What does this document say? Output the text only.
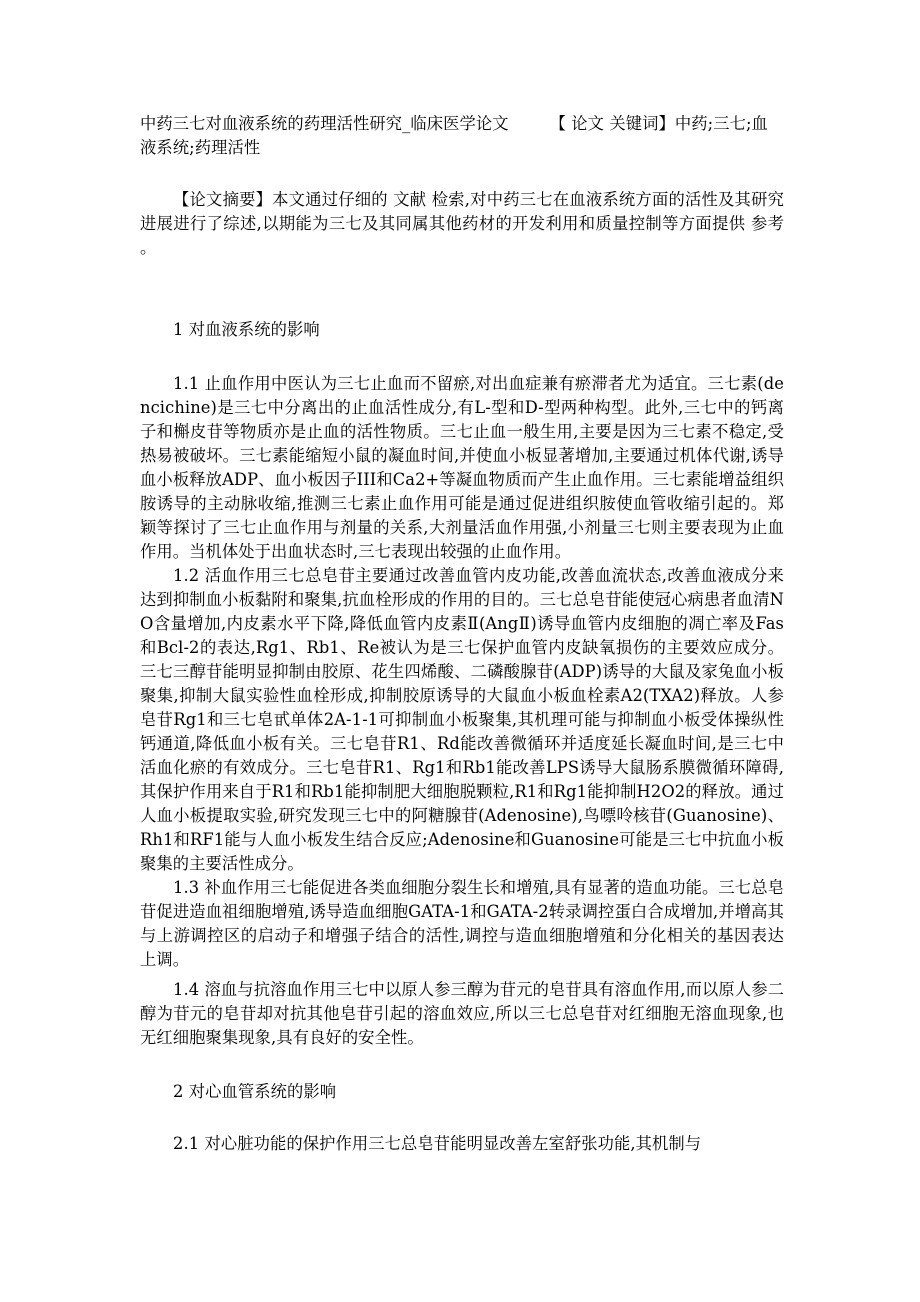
中药三七对血液系统的药理活性研究_临床医学论文　　　【 论文 关键词】中药;三七;血液系统;药理活性

【论文摘要】本文通过仔细的 文献 检索,对中药三七在血液系统方面的活性及其研究进展进行了综述,以期能为三七及其同属其他药材的开发利用和质量控制等方面提供 参考 。

1 对血液系统的影响

1.1 止血作用中医认为三七止血而不留瘀,对出血症兼有瘀滞者尤为适宜。三七素(dencichine)是三七中分离出的止血活性成分,有L-型和D-型两种构型。此外,三七中的钙离子和槲皮苷等物质亦是止血的活性物质。三七止血一般生用,主要是因为三七素不稳定,受热易被破坏。三七素能缩短小鼠的凝血时间,并使血小板显著增加,主要通过机体代谢,诱导血小板释放ADP、血小板因子III和Ca2+等凝血物质而产生止血作用。三七素能增益组织胺诱导的主动脉收缩,推测三七素止血作用可能是通过促进组织胺使血管收缩引起的。郑颖等探讨了三七止血作用与剂量的关系,大剂量活血作用强,小剂量三七则主要表现为止血作用。当机体处于出血状态时,三七表现出较强的止血作用。

1.2 活血作用三七总皂苷主要通过改善血管内皮功能,改善血流状态,改善血液成分来达到抑制血小板黏附和聚集,抗血栓形成的作用的目的。三七总皂苷能使冠心病患者血清NO含量增加,内皮素水平下降,降低血管内皮素Ⅱ(AngⅡ)诱导血管内皮细胞的凋亡率及Fas和Bcl-2的表达,Rg1、Rb1、Re被认为是三七保护血管内皮缺氧损伤的主要效应成分。三七三醇苷能明显抑制由胶原、花生四烯酸、二磷酸腺苷(ADP)诱导的大鼠及家兔血小板聚集,抑制大鼠实验性血栓形成,抑制胶原诱导的大鼠血小板血栓素A2(TXA2)释放。人参皂苷Rg1和三七皂甙单体2A-1-1可抑制血小板聚集,其机理可能与抑制血小板受体操纵性钙通道,降低血小板有关。三七皂苷R1、Rd能改善微循环并适度延长凝血时间,是三七中活血化瘀的有效成分。三七皂苷R1、Rg1和Rb1能改善LPS诱导大鼠肠系膜微循环障碍,其保护作用来自于R1和Rb1能抑制肥大细胞脱颗粒,R1和Rg1能抑制H2O2的释放。通过人血小板提取实验,研究发现三七中的阿糖腺苷(Adenosine),鸟嘌呤核苷(Guanosine)、Rh1和RF1能与人血小板发生结合反应;Adenosine和Guanosine可能是三七中抗血小板聚集的主要活性成分。

1.3 补血作用三七能促进各类血细胞分裂生长和增殖,具有显著的造血功能。三七总皂苷促进造血祖细胞增殖,诱导造血细胞GATA-1和GATA-2转录调控蛋白合成增加,并增高其与上游调控区的启动子和增强子结合的活性,调控与造血细胞增殖和分化相关的基因表达上调。

1.4 溶血与抗溶血作用三七中以原人参三醇为苷元的皂苷具有溶血作用,而以原人参二醇为苷元的皂苷却对抗其他皂苷引起的溶血效应,所以三七总皂苷对红细胞无溶血现象,也无红细胞聚集现象,具有良好的安全性。

2 对心血管系统的影响

2.1 对心脏功能的保护作用三七总皂苷能明显改善左室舒张功能,其机制与
